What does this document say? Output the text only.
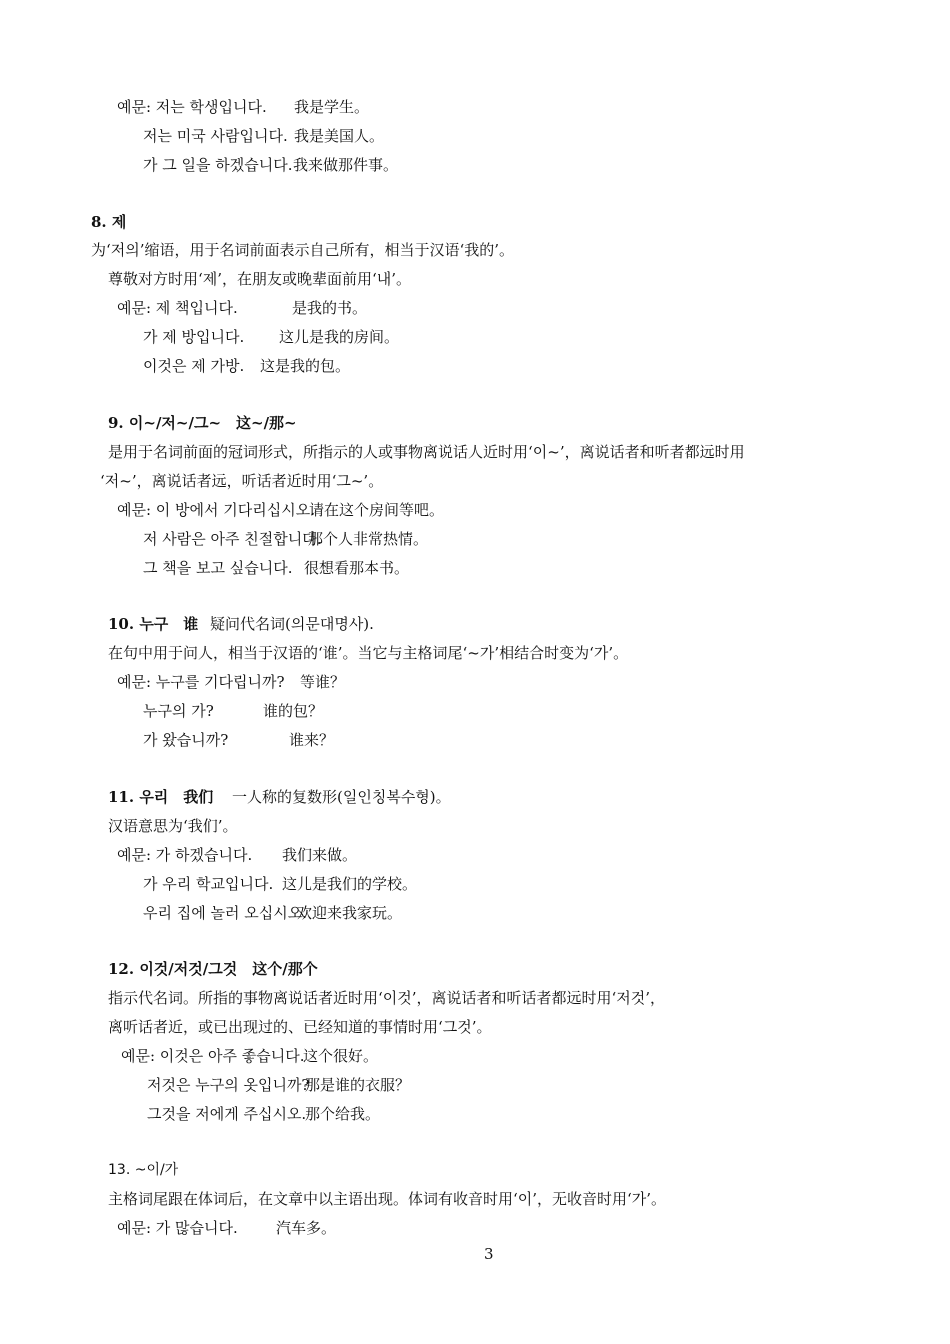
예문: 저는 학생입니다. 我是学生。
저는 미국 사람입니다. 我是美国人。
가 그 일을 하겠습니다. 我来做那件事。
8. 제
为‘저의’缩语，用于名词前面表示自己所有，相当于汉语‘我的’。
尊敬对方时用‘제’，在朋友或晚辈面前用‘내’。
예문: 제 책입니다.	是我的书。
가 제 방입니다. 这儿是我的房间。
이것은 제 가방. 这是我的包。
9. 이~/저~/그~　这~/那~
是用于名词前面的冠词形式，所指示的人或事物离说话人近时用‘이~’，离说话者和听者都远时用
‘저~’，离说话者远，听话者近时用‘그~’。
예문: 이 방에서 기다리십시오.
请在这个房间等吧。
저 사람은 아주 친절합니다.
那个人非常热情。
그 책을 보고 싶습니다. 很想看那本书。
10. 누구　谁 疑问代名词(의문대명사).
在句中用于问人，相当于汉语的‘谁’。当它与主格词尾‘~가’相结合时变为‘가’。
예문: 누구를 기다립니까? 等谁？
누구의 가?	谁的包？
가 왔습니까?	谁来？
11. 우리　我们 一人称的复数形(일인칭복수형)。
汉语意思为‘我们’。
예문: 가 하겠습니다. 我们来做。
가 우리 학교입니다. 这儿是我们的学校。
우리 집에 놀러 오십시오.
欢迎来我家玩。
12. 이것/저것/그것　这个/那个
指示代名词。所指的事物离说话者近时用‘이것’，离说话者和听话者都远时用‘저것’，
离听话者近，或已出现过的、已经知道的事情时用‘그것’。
예문: 이것은 아주 좋습니다.
这个很好。
저것은 누구의 옷입니까?
那是谁的衣服？
그것을 저에게 주십시오.
那个给我。
13. ~이/가
主格词尾跟在体词后，在文章中以主语出现。体词有收音时用‘이’，无收音时用‘가’。
예문: 가 많습니다.	汽车多。
3
